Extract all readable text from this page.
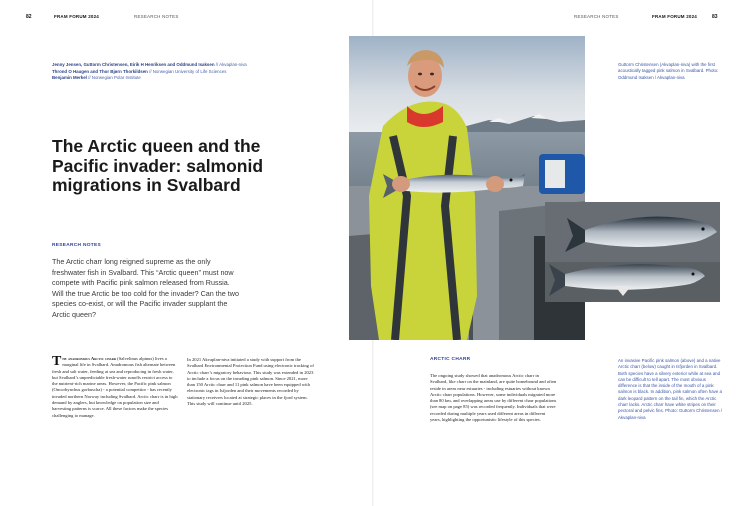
82	FRAM FORUM 2024	RESEARCH NOTES	RESEARCH NOTES	FRAM FORUM 2024	83
Jenny Jensen, Guttorm Christensen, Eirik H Henriksen and Oddmund Isaksen // Akvaplan-niva
Thrond O Haugen and Thor Bjørn Thorkildsen // Norwegian University of Life Sciences
Benjamin Merkel // Norwegian Polar Institute
The Arctic queen and the Pacific invader: salmonid migrations in Svalbard
RESEARCH NOTES
The Arctic charr long reigned supreme as the only freshwater fish in Svalbard. This “Arctic queen” must now compete with Pacific pink salmon released from Russia. Will the true Arctic be too cold for the invader? Can the two species co-exist, or will the Pacific invader supplant the Arctic queen?
The anadromous Arctic charr (Salvelinus alpinus) lives a marginal life in Svalbard. Anadromous fish alternate between fresh and salt water, feeding at sea and reproducing in fresh water, but Svalbard’s unpredictable fresh-water runoffs restrict access to the nutrient-rich marine areas. However, the Pacific pink salmon (Oncorhynchus gorbuscha) - a potential competitor - has recently invaded northern Norway including Svalbard. Arctic charr is in high demand by anglers, but knowledge on population size and harvesting patterns is scarce. All these factors make the species challenging to manage.
In 2021 Akvaplan-niva initiated a study with support from the Svalbard Environmental Protection Fund using electronic tracking of Arctic charr’s migratory behaviour. This study was extended in 2023 to include a focus on the invading pink salmon. Since 2021, more than 150 Arctic charr and 11 pink salmon have been equipped with electronic tags in Isfjorden and their movements recorded by stationary receivers located at strategic places in the fjord system. This study will continue until 2025.
ARCTIC CHARR
The ongoing study showed that anadromous Arctic charr in Svalbard, like charr on the mainland, are quite homebound and often reside in areas near estuaries - including estuaries without known Arctic charr populations. However, some individuals migrated more than 80 km, and overlapping areas use by different charr populations (see map on page 85) was recorded frequently. Individuals that were recorded during multiple years used different areas in different years, highlighting the opportunistic lifestyle of this species.
Guttorm Christensen (Akvaplan-niva) with the first acoustically tagged pink salmon in Svalbard. Photo: Oddmund Isaksen / Akvaplan-niva
An invasive Pacific pink salmon (above) and a native Arctic charr (below) caught in Isfjorden in Svalbard. Both species have a silvery exterior while at sea and can be difficult to tell apart. The most obvious difference is that the inside of the mouth of a pink salmon is black. In addition, pink salmon often have a dark leopard pattern on the tail fin, which the Arctic charr lacks. Arctic charr have white stripes on their pectoral and pelvic fins. Photo: Guttorm Christensen / Akvaplan-niva
